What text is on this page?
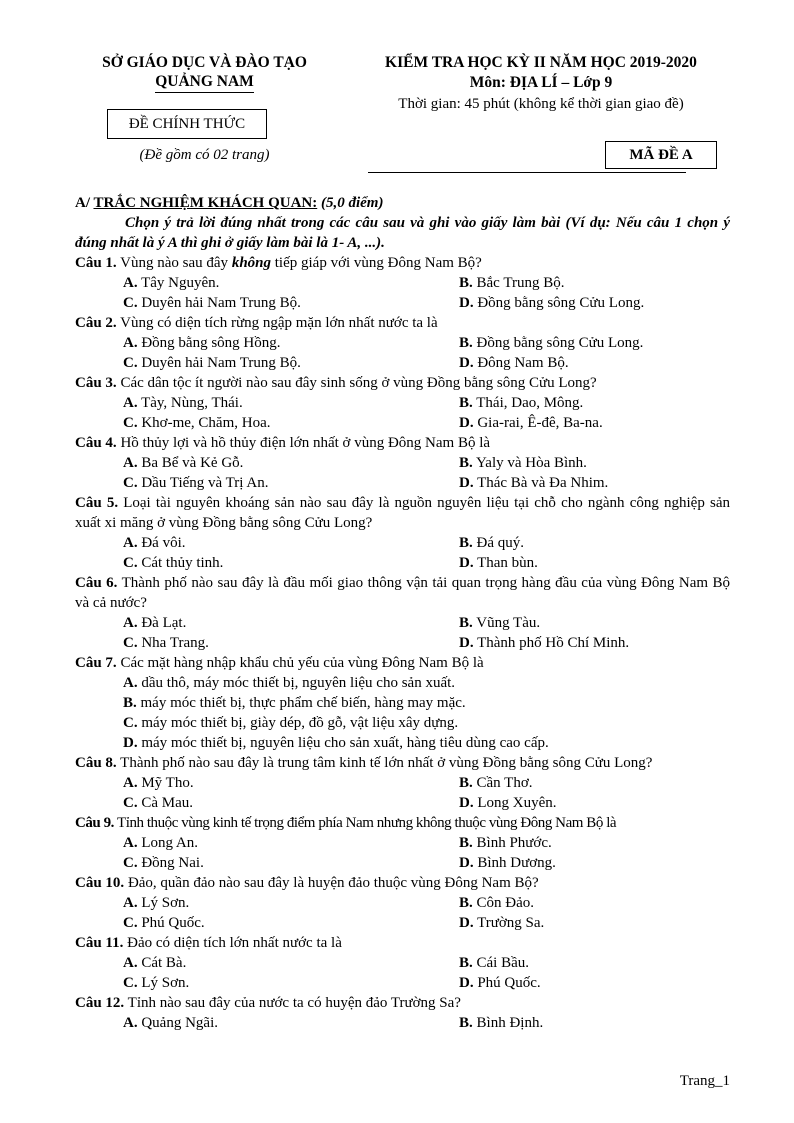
SỞ GIÁO DỤC VÀ ĐÀO TẠO
QUẢNG NAM
ĐỀ CHÍNH THỨC
(Đề gồm có 02 trang)
KIỂM TRA HỌC KỲ II NĂM HỌC 2019-2020
Môn: ĐỊA LÍ – Lớp 9
Thời gian: 45 phút (không kể thời gian giao đề)
MÃ ĐỀ A
A/ TRẮC NGHIỆM KHÁCH QUAN: (5,0 điểm)
Chọn ý trả lời đúng nhất trong các câu sau và ghi vào giấy làm bài (Ví dụ: Nếu câu 1 chọn ý đúng nhất là ý A thì ghi ở giấy làm bài là 1- A, ...).
Câu 1. Vùng nào sau đây không tiếp giáp với vùng Đông Nam Bộ?
A. Tây Nguyên.	B. Bắc Trung Bộ.
C. Duyên hải Nam Trung Bộ.	D. Đồng bằng sông Cửu Long.
Câu 2. Vùng có diện tích rừng ngập mặn lớn nhất nước ta là
A. Đồng bằng sông Hồng.	B. Đồng bằng sông Cửu Long.
C. Duyên hải Nam Trung Bộ.	D. Đông Nam Bộ.
Câu 3. Các dân tộc ít người nào sau đây sinh sống ở vùng Đồng bằng sông Cửu Long?
A. Tày, Nùng, Thái.	B. Thái, Dao, Mông.
C. Khơ-me, Chăm, Hoa.	D. Gia-rai, Ê-đê, Ba-na.
Câu 4. Hồ thủy lợi và hồ thủy điện lớn nhất ở vùng Đông Nam Bộ là
A. Ba Bể và Kẻ Gỗ.	B. Yaly và Hòa Bình.
C. Dầu Tiếng và Trị An.	D. Thác Bà và Đa Nhim.
Câu 5. Loại tài nguyên khoáng sản nào sau đây là nguồn nguyên liệu tại chỗ cho ngành công nghiệp sản xuất xi măng ở vùng Đồng bằng sông Cửu Long?
A. Đá vôi.	B. Đá quý.
C. Cát thủy tinh.	D. Than bùn.
Câu 6. Thành phố nào sau đây là đầu mối giao thông vận tải quan trọng hàng đầu của vùng Đông Nam Bộ và cả nước?
A. Đà Lạt.	B. Vũng Tàu.
C. Nha Trang.	D. Thành phố Hồ Chí Minh.
Câu 7. Các mặt hàng nhập khẩu chủ yếu của vùng Đông Nam Bộ là
A. dầu thô, máy móc thiết bị, nguyên liệu cho sản xuất.
B. máy móc thiết bị, thực phẩm chế biến, hàng may mặc.
C. máy móc thiết bị, giày dép, đồ gỗ, vật liệu xây dựng.
D. máy móc thiết bị, nguyên liệu cho sản xuất, hàng tiêu dùng cao cấp.
Câu 8. Thành phố nào sau đây là trung tâm kinh tế lớn nhất ở vùng Đồng bằng sông Cửu Long?
A. Mỹ Tho.	B. Cần Thơ.
C. Cà Mau.	D. Long Xuyên.
Câu 9. Tỉnh thuộc vùng kinh tế trọng điểm phía Nam nhưng không thuộc vùng Đông Nam Bộ là
A. Long An.	B. Bình Phước.
C. Đồng Nai.	D. Bình Dương.
Câu 10. Đảo, quần đảo nào sau đây là huyện đảo thuộc vùng Đông Nam Bộ?
A. Lý Sơn.	B. Côn Đảo.
C. Phú Quốc.	D. Trường Sa.
Câu 11. Đảo có diện tích lớn nhất nước ta là
A. Cát Bà.	B. Cái Bầu.
C. Lý Sơn.	D. Phú Quốc.
Câu 12. Tỉnh nào sau đây của nước ta có huyện đảo Trường Sa?
A. Quảng Ngãi.	B. Bình Định.
Trang_1
